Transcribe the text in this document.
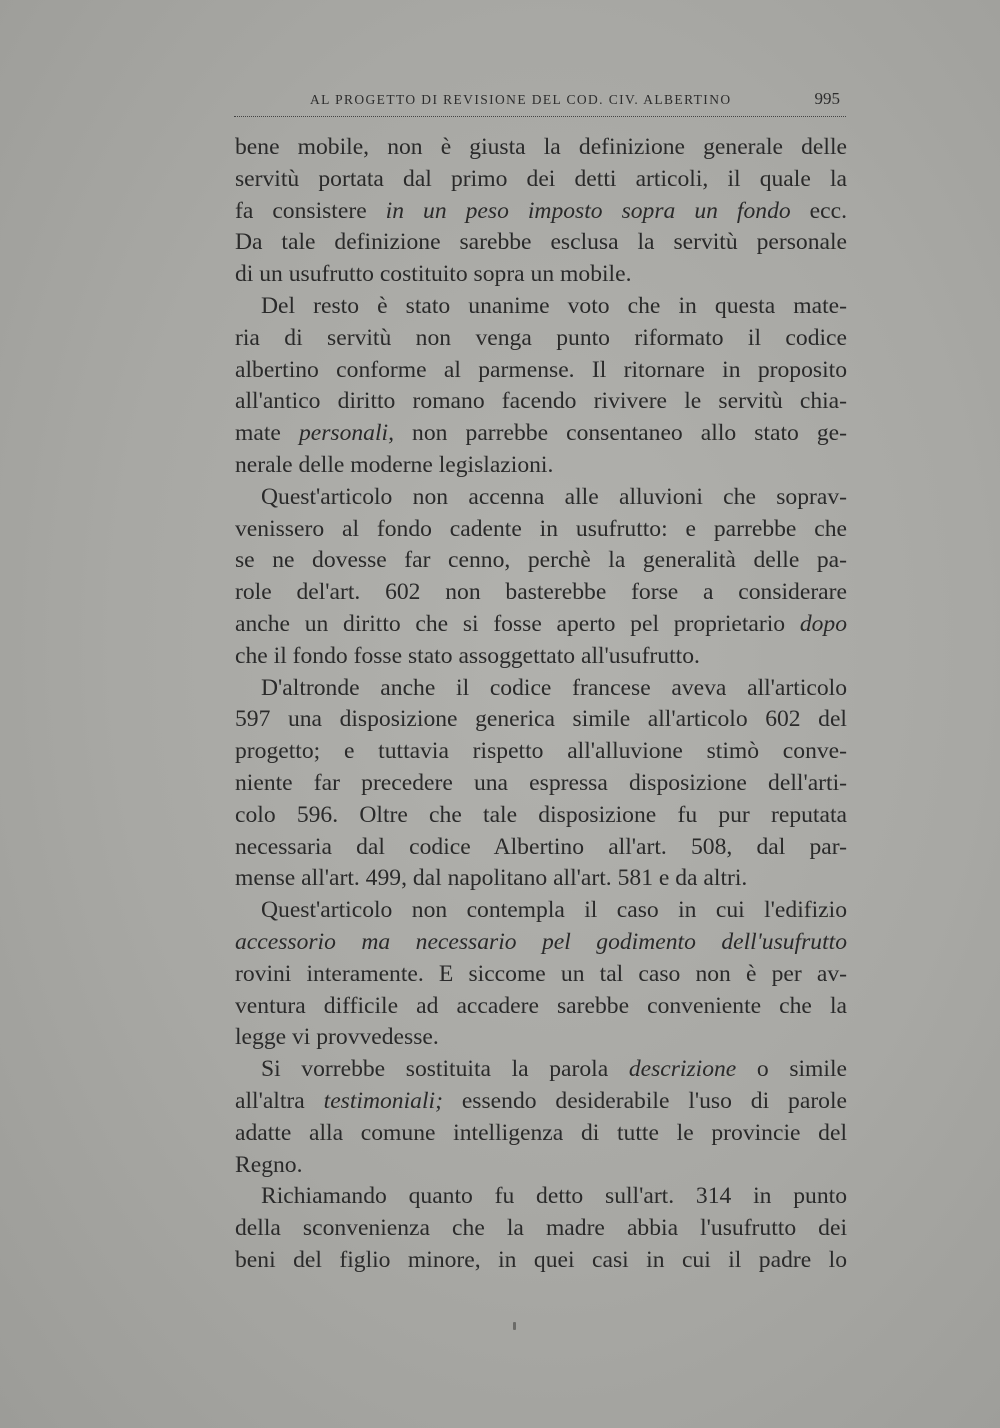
AL PROGETTO DI REVISIONE DEL COD. CIV. ALBERTINO	995
bene mobile, non è giusta la definizione generale delle
servitù portata dal primo dei detti articoli, il quale la
fa consistere in un peso imposto sopra un fondo ecc.
Da tale definizione sarebbe esclusa la servitù personale
di un usufrutto costituito sopra un mobile.
Del resto è stato unanime voto che in questa mate-
ria di servitù non venga punto riformato il codice
albertino conforme al parmense. Il ritornare in proposito
all'antico diritto romano facendo rivivere le servitù chia-
mate personali, non parrebbe consentaneo allo stato ge-
nerale delle moderne legislazioni.
Quest'articolo non accenna alle alluvioni che soprav-
venissero al fondo cadente in usufrutto: e parrebbe che
se ne dovesse far cenno, perchè la generalità delle pa-
role del'art. 602 non basterebbe forse a considerare
anche un diritto che si fosse aperto pel proprietario dopo
che il fondo fosse stato assoggettato all'usufrutto.
D'altronde anche il codice francese aveva all'articolo
597 una disposizione generica simile all'articolo 602 del
progetto; e tuttavia rispetto all'alluvione stimò conve-
niente far precedere una espressa disposizione dell'arti-
colo 596. Oltre che tale disposizione fu pur reputata
necessaria dal codice Albertino all'art. 508, dal par-
mense all'art. 499, dal napolitano all'art. 581 e da altri.
Quest'articolo non contempla il caso in cui l'edifizio
accessorio ma necessario pel godimento dell'usufrutto
rovini interamente. E siccome un tal caso non è per av-
ventura difficile ad accadere sarebbe conveniente che la
legge vi provvedesse.
Si vorrebbe sostituita la parola descrizione o simile
all'altra testimoniali; essendo desiderabile l'uso di parole
adatte alla comune intelligenza di tutte le provincie del
Regno.
Richiamando quanto fu detto sull'art. 314 in punto
della sconvenienza che la madre abbia l'usufrutto dei
beni del figlio minore, in quei casi in cui il padre lo
